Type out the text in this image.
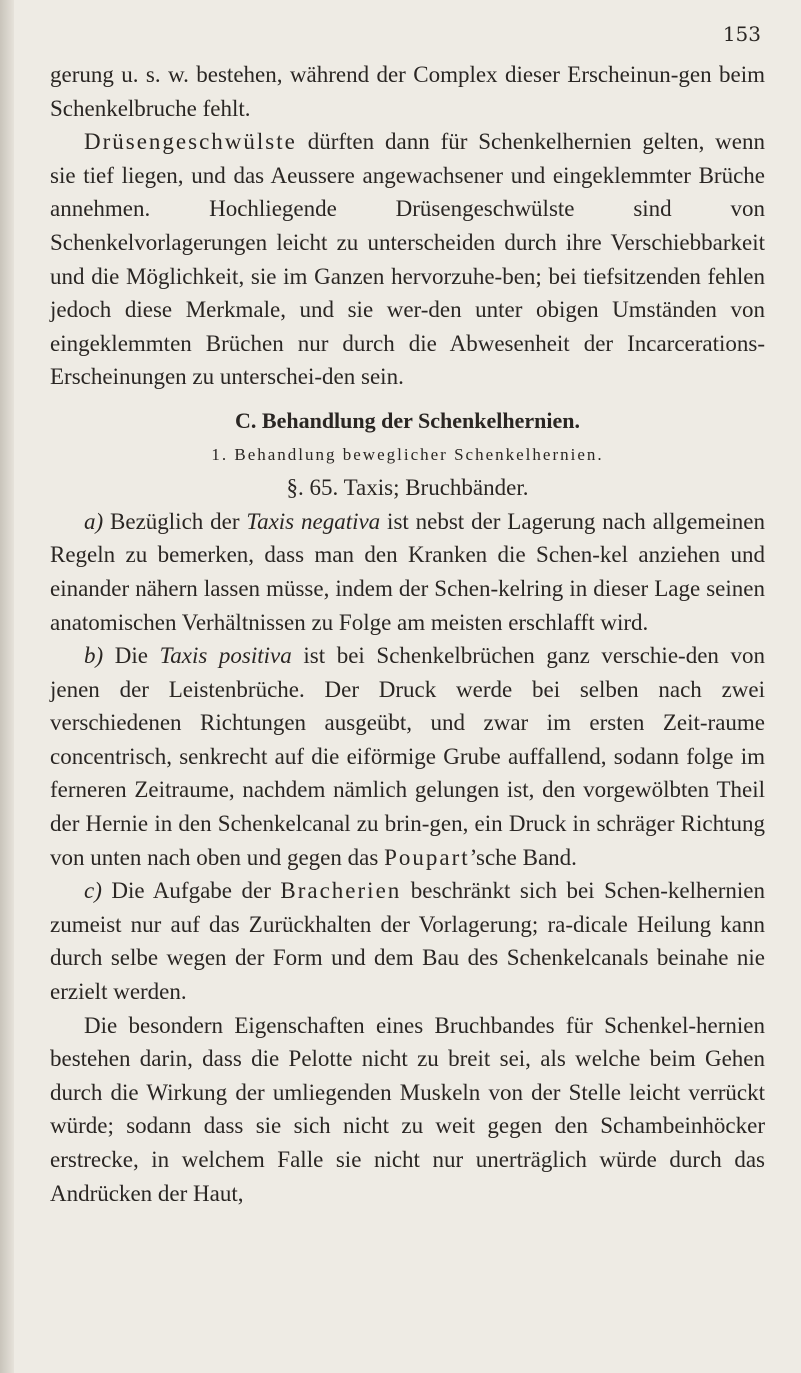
153

gerung u. s. w. bestehen, während der Complex dieser Erscheinun-gen beim Schenkelbruche fehlt.

Drüsengeschwülste dürften dann für Schenkelhernien gelten, wenn sie tief liegen, und das Aeussere angewachsener und eingeklemmter Brüche annehmen. Hochliegende Drüsengeschwülste sind von Schenkelvorlagerungen leicht zu unterscheiden durch ihre Verschiebbarkeit und die Möglichkeit, sie im Ganzen hervorzuhe-ben; bei tiefsitzenden fehlen jedoch diese Merkmale, und sie wer-den unter obigen Umständen von eingeklemmten Brüchen nur durch die Abwesenheit der Incarcerations-Erscheinungen zu unterschei-den sein.

C. Behandlung der Schenkelhernien.

1. Behandlung beweglicher Schenkelhernien.

§. 65. Taxis; Bruchbänder.

a) Bezüglich der Taxis negativa ist nebst der Lagerung nach allgemeinen Regeln zu bemerken, dass man den Kranken die Schen-kel anziehen und einander nähern lassen müsse, indem der Schen-kelring in dieser Lage seinen anatomischen Verhältnissen zu Folge am meisten erschlafft wird.

b) Die Taxis positiva ist bei Schenkelbrüchen ganz verschie-den von jenen der Leistenbrüche. Der Druck werde bei selben nach zwei verschiedenen Richtungen ausgeübt, und zwar im ersten Zeit-raume concentrisch, senkrecht auf die eiförmige Grube auffallend, sodann folge im ferneren Zeitraume, nachdem nämlich gelungen ist, den vorgewölbten Theil der Hernie in den Schenkelcanal zu brin-gen, ein Druck in schräger Richtung von unten nach oben und gegen das Poupart’sche Band.

c) Die Aufgabe der Bracherien beschränkt sich bei Schen-kelhernien zumeist nur auf das Zurückhalten der Vorlagerung; ra-dicale Heilung kann durch selbe wegen der Form und dem Bau des Schenkelcanals beinahe nie erzielt werden.

Die besondern Eigenschaften eines Bruchbandes für Schenkel-hernien bestehen darin, dass die Pelotte nicht zu breit sei, als welche beim Gehen durch die Wirkung der umliegenden Muskeln von der Stelle leicht verrückt würde; sodann dass sie sich nicht zu weit gegen den Schambeinhöcker erstrecke, in welchem Falle sie nicht nur unerträglich würde durch das Andrücken der Haut,
